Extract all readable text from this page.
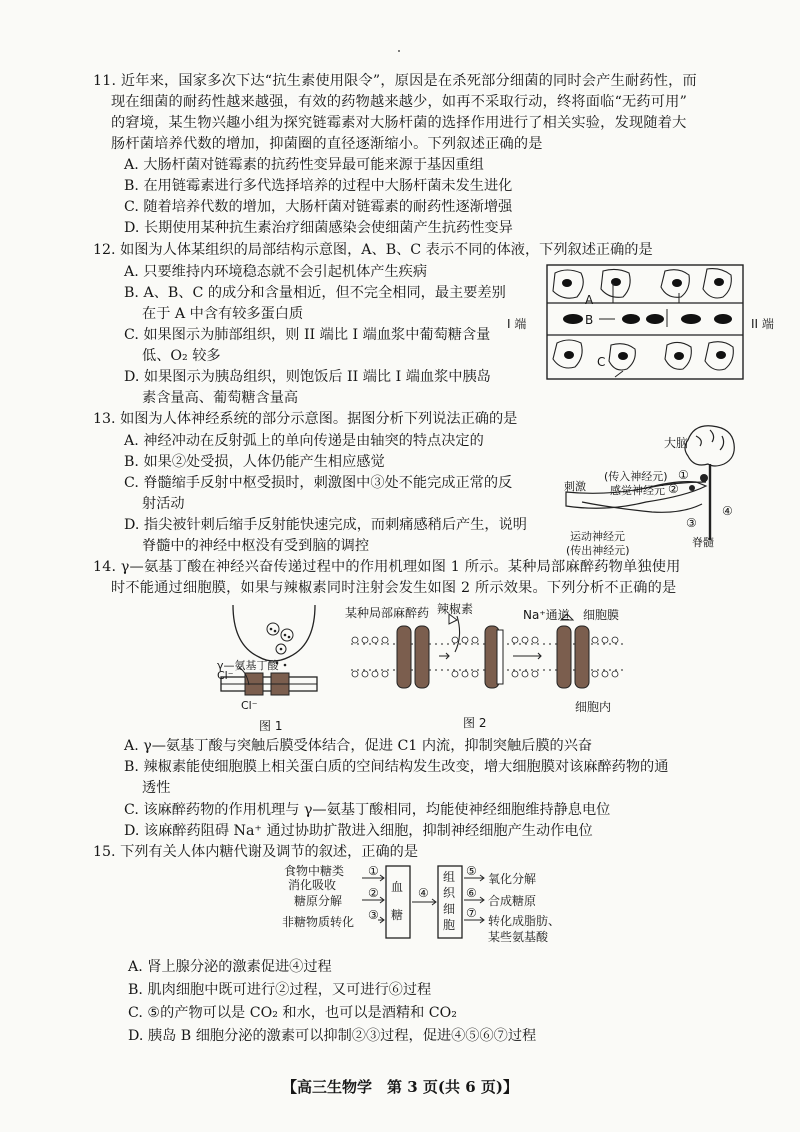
11. 近年来，国家多次下达“抗生素使用限令”，原因是在杀死部分细菌的同时会产生耐药性，而
现在细菌的耐药性越来越强，有效的药物越来越少，如再不采取行动，终将面临“无药可用”
的窘境，某生物兴趣小组为探究链霉素对大肠杆菌的选择作用进行了相关实验，发现随着大
肠杆菌培养代数的增加，抑菌圈的直径逐渐缩小。下列叙述正确的是
A. 大肠杆菌对链霉素的抗药性变异最可能来源于基因重组
B. 在用链霉素进行多代选择培养的过程中大肠杆菌未发生进化
C. 随着培养代数的增加，大肠杆菌对链霉素的耐药性逐渐增强
D. 长期使用某种抗生素治疗细菌感染会使细菌产生抗药性变异
12. 如图为人体某组织的局部结构示意图，A、B、C 表示不同的体液，下列叙述正确的是
A. 只要维持内环境稳态就不会引起机体产生疾病
B. A、B、C 的成分和含量相近，但不完全相同，最主要差别
在于 A 中含有较多蛋白质
C. 如果图示为肺部组织，则 II 端比 I 端血浆中葡萄糖含量
低、O₂ 较多
D. 如果图示为胰岛组织，则饱饭后 II 端比 I 端血浆中胰岛
素含量高、葡萄糖含量高
I 端	II 端
A
B
C
13. 如图为人体神经系统的部分示意图。据图分析下列说法正确的是
A. 神经冲动在反射弧上的单向传递是由轴突的特点决定的
B. 如果②处受损，人体仍能产生相应感觉
C. 脊髓缩手反射中枢受损时，刺激图中③处不能完成正常的反
射活动
D. 指尖被针刺后缩手反射能快速完成，而刺痛感稍后产生，说明
脊髓中的神经中枢没有受到脑的调控
大脑
①
②
③
④
刺激
(传入神经元)
感觉神经元
运动神经元
(传出神经元)
脊髓
14. γ—氨基丁酸在神经兴奋传递过程中的作用机理如图 1 所示。某种局部麻醉药物单独使用
时不能通过细胞膜，如果与辣椒素同时注射会发生如图 2 所示效果。下列分析不正确的是
γ—氨基丁酸
Cl⁻
Cl⁻
图 1
某种局部麻醉药 辣椒素	Na⁺通道 细胞膜
细胞内
图 2
A. γ—氨基丁酸与突触后膜受体结合，促进 C1 内流，抑制突触后膜的兴奋
B. 辣椒素能使细胞膜上相关蛋白质的空间结构发生改变，增大细胞膜对该麻醉药物的通
透性
C. 该麻醉药物的作用机理与 γ—氨基丁酸相同，均能使神经细胞维持静息电位
D. 该麻醉药阻碍 Na⁺ 通过协助扩散进入细胞，抑制神经细胞产生动作电位
15. 下列有关人体内糖代谢及调节的叙述，正确的是
食物中糖类
消化吸收
糖原分解
非糖物质转化
①
②
③
④
血
糖
组
织
细
胞
⑤
⑥
⑦
氧化分解
合成糖原
转化成脂肪、
某些氨基酸
A. 肾上腺分泌的激素促进④过程
B. 肌肉细胞中既可进行②过程，又可进行⑥过程
C. ⑤的产物可以是 CO₂ 和水，也可以是酒精和 CO₂
D. 胰岛 B 细胞分泌的激素可以抑制②③过程，促进④⑤⑥⑦过程
【高三生物学　第 3 页(共 6 页)】
